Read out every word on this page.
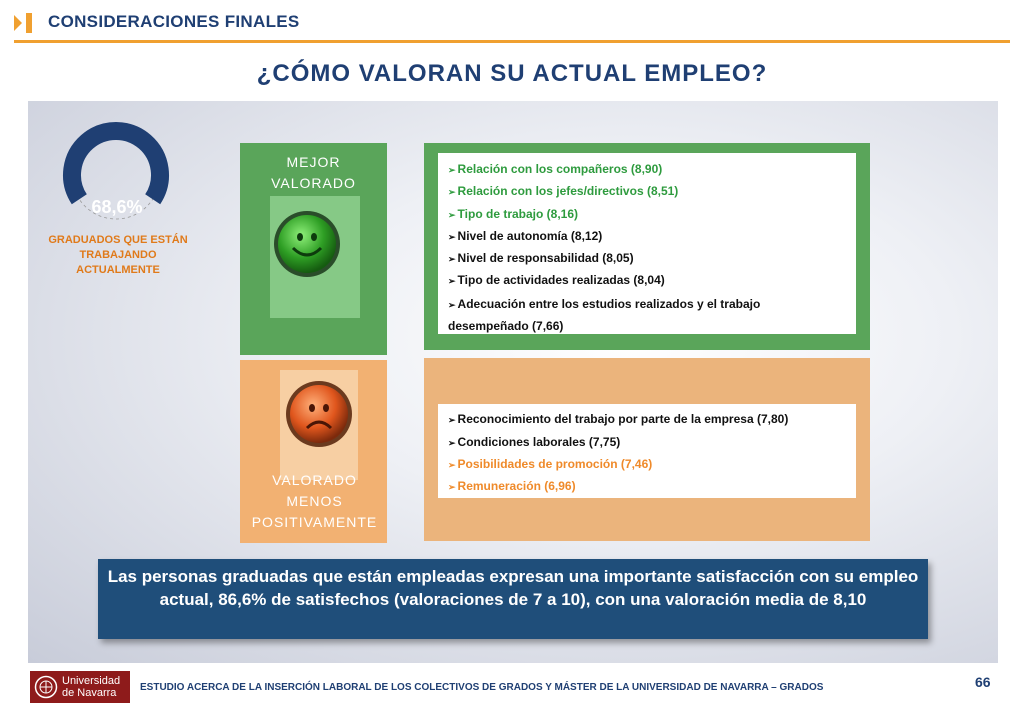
CONSIDERACIONES FINALES
¿CÓMO VALORAN SU ACTUAL EMPLEO?
68,6%
GRADUADOS QUE ESTÁN TRABAJANDO ACTUALMENTE
MEJOR VALORADO
➢ Relación con los compañeros (8,90)
➢ Relación con los jefes/directivos (8,51)
➢ Tipo de trabajo (8,16)
➢ Nivel de autonomía (8,12)
➢ Nivel de responsabilidad (8,05)
➢ Tipo de actividades realizadas (8,04)
➢ Adecuación entre los estudios realizados y el trabajo desempeñado (7,66)
VALORADO MENOS POSITIVAMENTE
➢ Reconocimiento del trabajo por parte de la empresa (7,80)
➢ Condiciones laborales (7,75)
➢ Posibilidades de promoción (7,46)
➢ Remuneración (6,96)
Las personas graduadas que están empleadas expresan una importante satisfacción con su empleo actual, 86,6% de satisfechos (valoraciones de 7 a 10), con una valoración media de 8,10
Universidad
de Navarra	ESTUDIO ACERCA DE LA INSERCIÓN LABORAL DE LOS COLECTIVOS DE GRADOS Y MÁSTER DE LA UNIVERSIDAD DE NAVARRA – GRADOS	66
